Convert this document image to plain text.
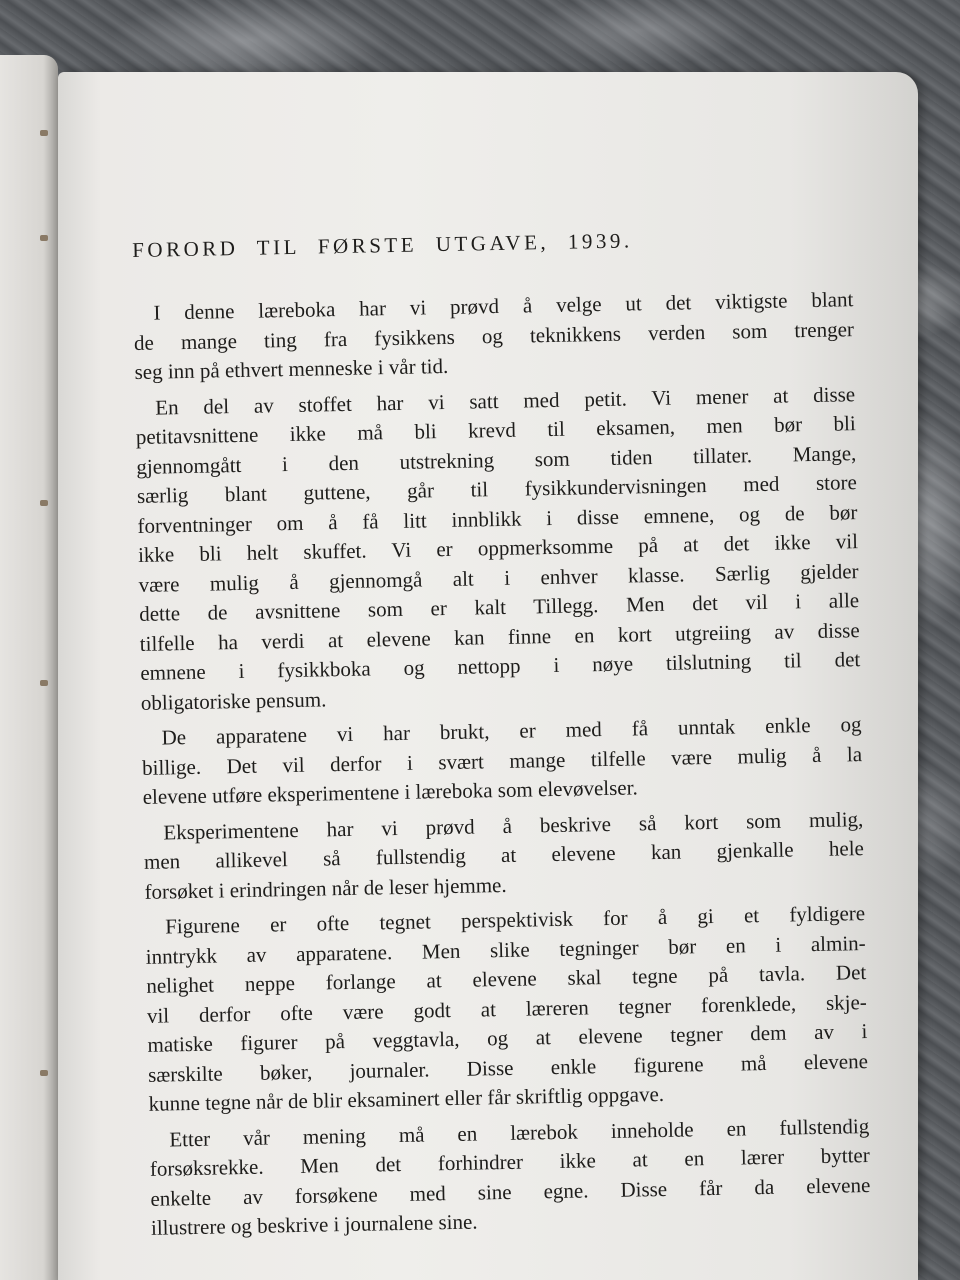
FORORD TIL FØRSTE UTGAVE, 1939.

I denne læreboka har vi prøvd å velge ut det viktigste blant
de mange ting fra fysikkens og teknikkens verden som trenger
seg inn på ethvert menneske i vår tid.

En del av stoffet har vi satt med petit. Vi mener at disse
petitavsnittene ikke må bli krevd til eksamen, men bør bli
gjennomgått i den utstrekning som tiden tillater. Mange,
særlig blant guttene, går til fysikkundervisningen med store
forventninger om å få litt innblikk i disse emnene, og de bør
ikke bli helt skuffet. Vi er oppmerksomme på at det ikke vil
være mulig å gjennomgå alt i enhver klasse. Særlig gjelder
dette de avsnittene som er kalt Tillegg. Men det vil i alle
tilfelle ha verdi at elevene kan finne en kort utgreiing av disse
emnene i fysikkboka og nettopp i nøye tilslutning til det
obligatoriske pensum.

De apparatene vi har brukt, er med få unntak enkle og
billige. Det vil derfor i svært mange tilfelle være mulig å la
elevene utføre eksperimentene i læreboka som elevøvelser.

Eksperimentene har vi prøvd å beskrive så kort som mulig,
men allikevel så fullstendig at elevene kan gjenkalle hele
forsøket i erindringen når de leser hjemme.

Figurene er ofte tegnet perspektivisk for å gi et fyldigere
inntrykk av apparatene. Men slike tegninger bør en i almin-
nelighet neppe forlange at elevene skal tegne på tavla. Det
vil derfor ofte være godt at læreren tegner forenklede, skje-
matiske figurer på veggtavla, og at elevene tegner dem av i
særskilte bøker, journaler. Disse enkle figurene må elevene
kunne tegne når de blir eksaminert eller får skriftlig oppgave.

Etter vår mening må en lærebok inneholde en fullstendig
forsøksrekke. Men det forhindrer ikke at en lærer bytter
enkelte av forsøkene med sine egne. Disse får da elevene
illustrere og beskrive i journalene sine.
